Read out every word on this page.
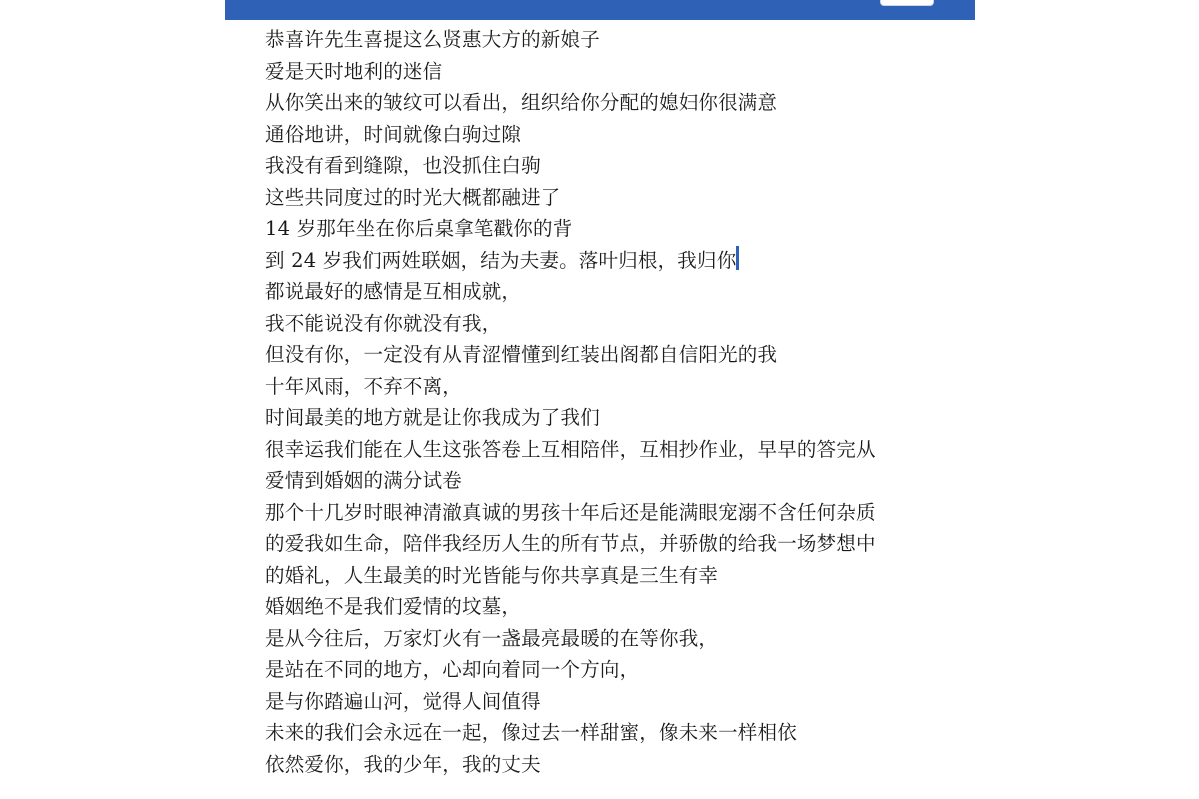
恭喜许先生喜提这么贤惠大方的新娘子
爱是天时地利的迷信
从你笑出来的皱纹可以看出，组织给你分配的媳妇你很满意
通俗地讲，时间就像白驹过隙
我没有看到缝隙，也没抓住白驹
这些共同度过的时光大概都融进了
14 岁那年坐在你后桌拿笔戳你的背
到 24 岁我们两姓联姻，结为夫妻。落叶归根，我归你
都说最好的感情是互相成就，
我不能说没有你就没有我，
但没有你，一定没有从青涩懵懂到红装出阁都自信阳光的我
十年风雨，不弃不离，
时间最美的地方就是让你我成为了我们
很幸运我们能在人生这张答卷上互相陪伴，互相抄作业，早早的答完从
爱情到婚姻的满分试卷
那个十几岁时眼神清澈真诚的男孩十年后还是能满眼宠溺不含任何杂质
的爱我如生命，陪伴我经历人生的所有节点，并骄傲的给我一场梦想中
的婚礼，人生最美的时光皆能与你共享真是三生有幸
婚姻绝不是我们爱情的坟墓，
是从今往后，万家灯火有一盏最亮最暖的在等你我，
是站在不同的地方，心却向着同一个方向，
是与你踏遍山河，觉得人间值得
未来的我们会永远在一起，像过去一样甜蜜，像未来一样相依
依然爱你，我的少年，我的丈夫
